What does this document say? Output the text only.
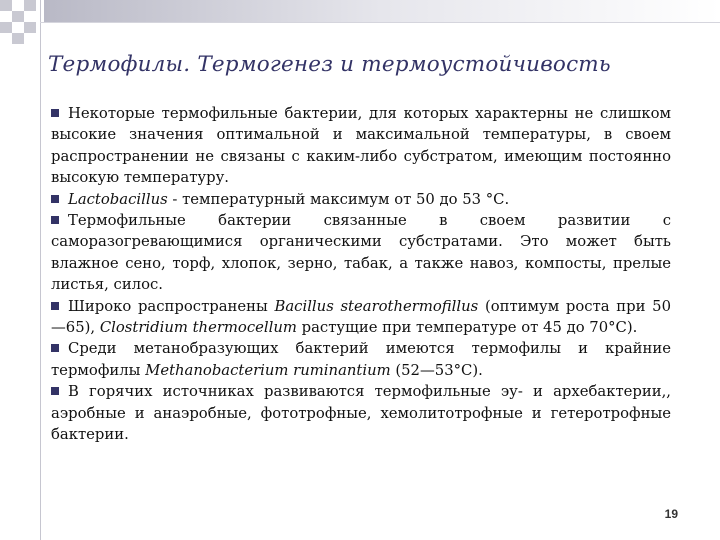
Термофилы. Термогенез и термоустойчивость

Некоторые термофильные бактерии, для которых характерны не слишком высокие значения оптимальной и максимальной температуры, в своем распространении не связаны с каким-либо субстратом, имеющим постоянно высокую температуру.

Lactobacillus - температурный максимум от 50 до 53 °С.

Термофильные бактерии связанные в своем развитии с саморазогревающимися органическими субстратами. Это может быть влажное сено, торф, хлопок, зерно, табак, а также навоз, компосты, прелые листья, силос.

Широко распространены Bacillus stearothermofillus (оптимум роста при 50—65), Clostridium thermocellum растущие при температуре от 45 до 70°С).

Среди метанобразующих бактерий имеются термофилы и крайние термофилы Methanobacterium ruminantium (52—53°С).

В горячих источниках развиваются термофильные эу- и архебактерии,, аэробные и анаэробные, фототрофные, хемолитотрофные и гетеротрофные бактерии.

19
